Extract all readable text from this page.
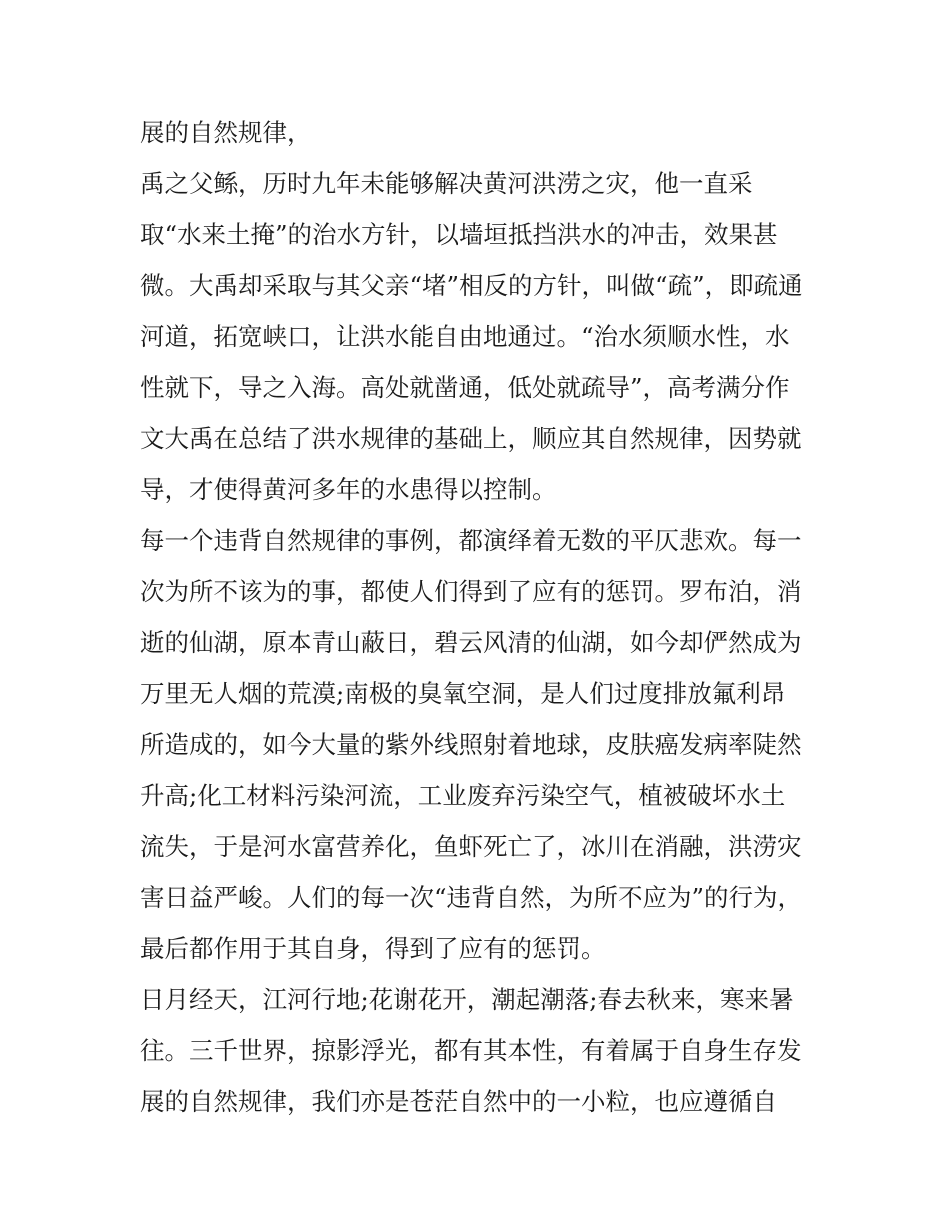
展的自然规律，
禹之父鲧，历时九年未能够解决黄河洪涝之灾，他一直采
取“水来土掩”的治水方针，以墙垣抵挡洪水的冲击，效果甚
微。大禹却采取与其父亲“堵”相反的方针，叫做“疏”，即疏通
河道，拓宽峡口，让洪水能自由地通过。“治水须顺水性，水
性就下，导之入海。高处就凿通，低处就疏导”，高考满分作
文大禹在总结了洪水规律的基础上，顺应其自然规律，因势就
导，才使得黄河多年的水患得以控制。
每一个违背自然规律的事例，都演绎着无数的平仄悲欢。每一
次为所不该为的事，都使人们得到了应有的惩罚。罗布泊，消
逝的仙湖，原本青山蔽日，碧云风清的仙湖，如今却俨然成为
万里无人烟的荒漠;南极的臭氧空洞，是人们过度排放氟利昂
所造成的，如今大量的紫外线照射着地球，皮肤癌发病率陡然
升高;化工材料污染河流，工业废弃污染空气，植被破坏水土
流失，于是河水富营养化，鱼虾死亡了，冰川在消融，洪涝灾
害日益严峻。人们的每一次“违背自然，为所不应为”的行为，
最后都作用于其自身，得到了应有的惩罚。
日月经天，江河行地;花谢花开，潮起潮落;春去秋来，寒来暑
往。三千世界，掠影浮光，都有其本性，有着属于自身生存发
展的自然规律，我们亦是苍茫自然中的一小粒，也应遵循自
